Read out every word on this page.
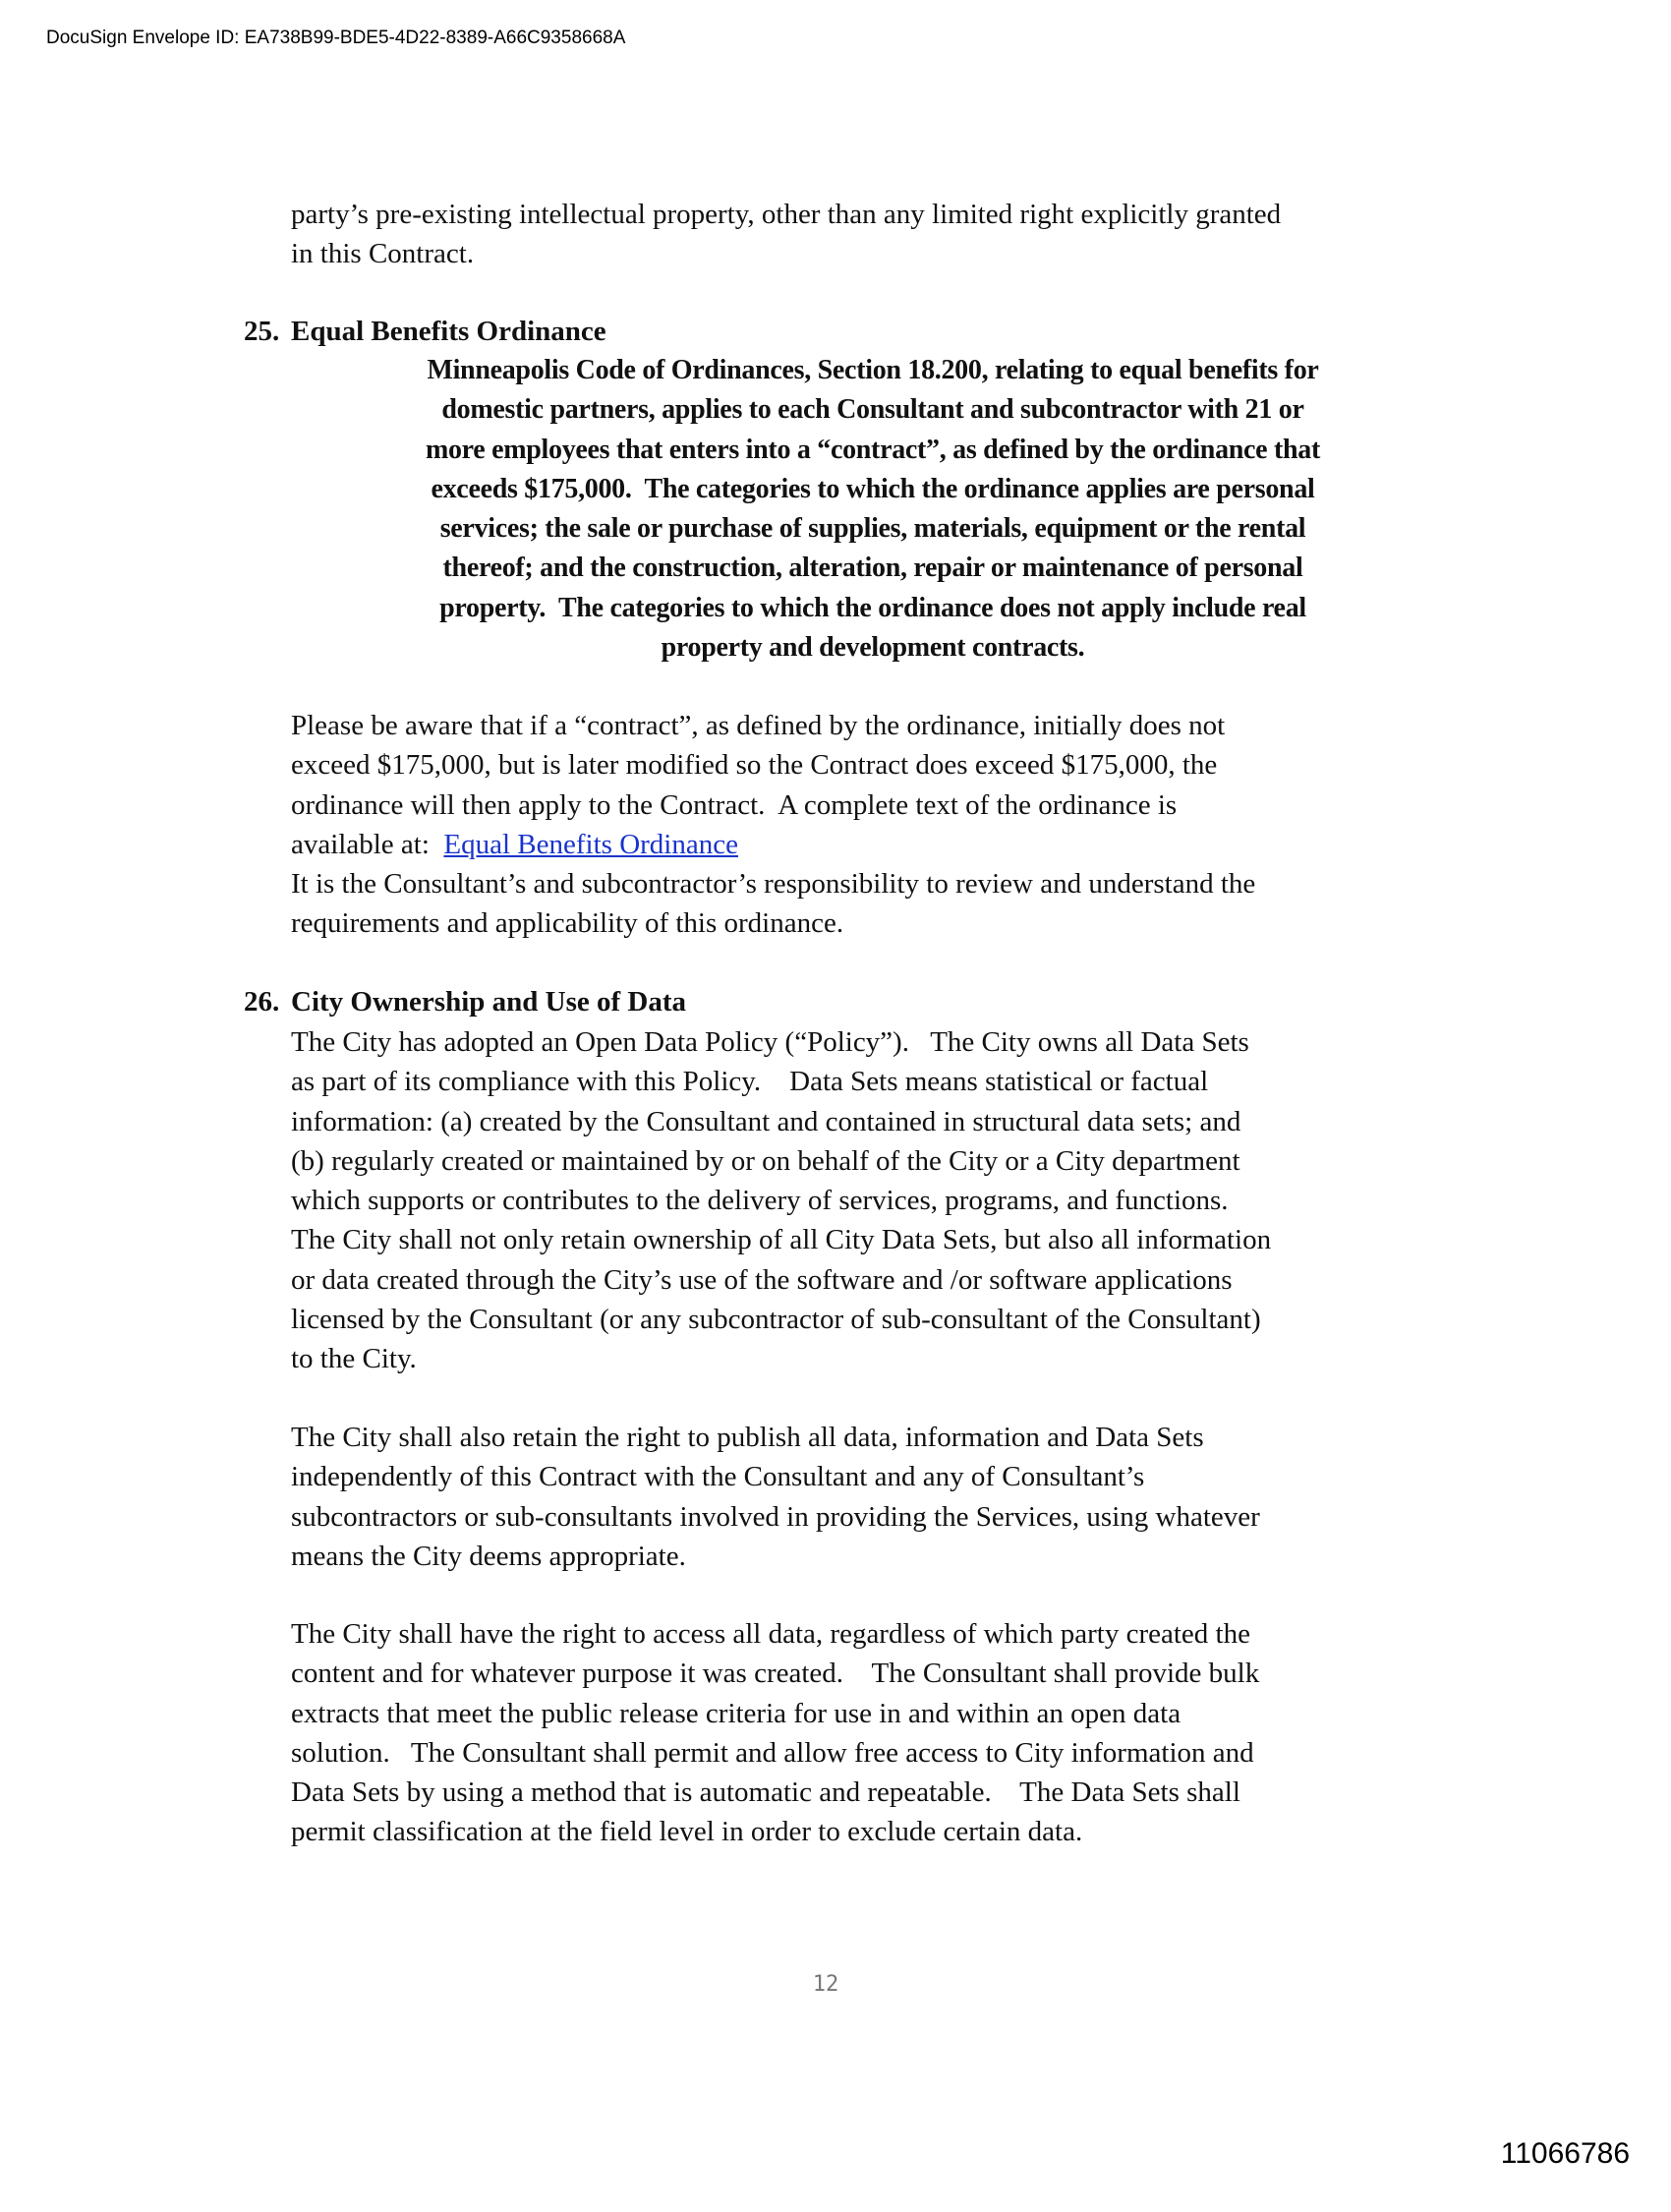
DocuSign Envelope ID: EA738B99-BDE5-4D22-8389-A66C9358668A
party’s pre-existing intellectual property, other than any limited right explicitly granted
in this Contract.
25. Equal Benefits Ordinance
Minneapolis Code of Ordinances, Section 18.200, relating to equal benefits for
domestic partners, applies to each Consultant and subcontractor with 21 or
more employees that enters into a “contract”, as defined by the ordinance that
exceeds $175,000.  The categories to which the ordinance applies are personal
services; the sale or purchase of supplies, materials, equipment or the rental
thereof; and the construction, alteration, repair or maintenance of personal
property.  The categories to which the ordinance does not apply include real
property and development contracts.
Please be aware that if a “contract”, as defined by the ordinance, initially does not
exceed $175,000, but is later modified so the Contract does exceed $175,000, the
ordinance will then apply to the Contract.  A complete text of the ordinance is
available at:  Equal Benefits Ordinance
It is the Consultant’s and subcontractor’s responsibility to review and understand the
requirements and applicability of this ordinance.
26. City Ownership and Use of Data
The City has adopted an Open Data Policy (“Policy”).   The City owns all Data Sets
as part of its compliance with this Policy.    Data Sets means statistical or factual
information: (a) created by the Consultant and contained in structural data sets; and
(b) regularly created or maintained by or on behalf of the City or a City department
which supports or contributes to the delivery of services, programs, and functions.
The City shall not only retain ownership of all City Data Sets, but also all information
or data created through the City’s use of the software and /or software applications
licensed by the Consultant (or any subcontractor of sub-consultant of the Consultant)
to the City.
The City shall also retain the right to publish all data, information and Data Sets
independently of this Contract with the Consultant and any of Consultant’s
subcontractors or sub-consultants involved in providing the Services, using whatever
means the City deems appropriate.
The City shall have the right to access all data, regardless of which party created the
content and for whatever purpose it was created.    The Consultant shall provide bulk
extracts that meet the public release criteria for use in and within an open data
solution.   The Consultant shall permit and allow free access to City information and
Data Sets by using a method that is automatic and repeatable.    The Data Sets shall
permit classification at the field level in order to exclude certain data.
12
11066786
